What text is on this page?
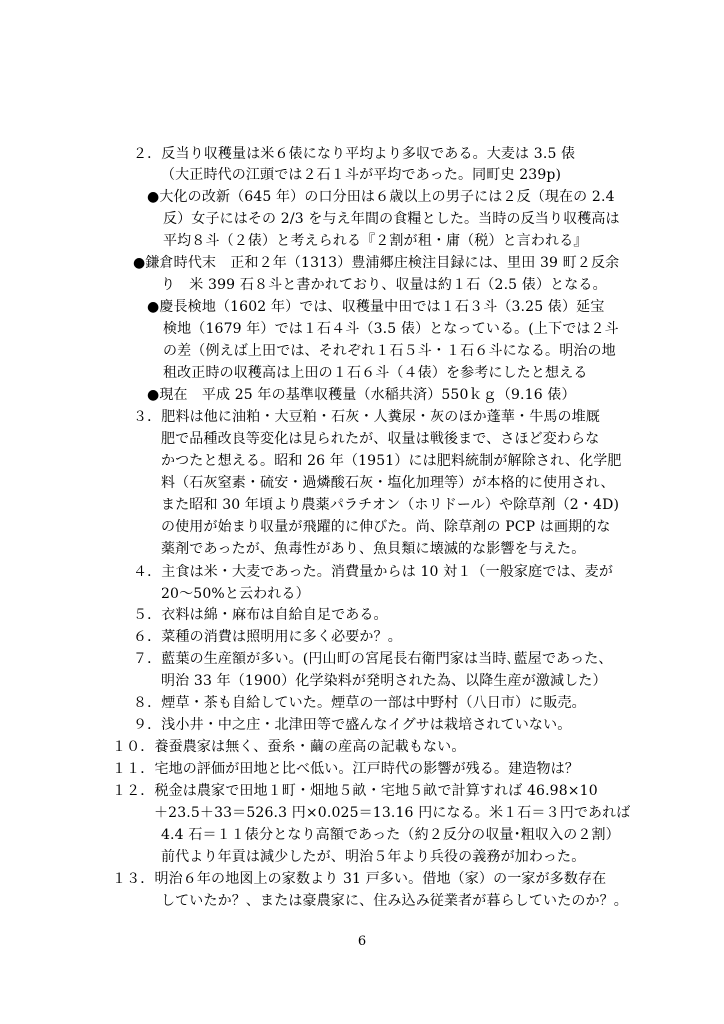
２．反当り収穫量は米６俵になり平均より多収である。大麦は 3.5 俵
（大正時代の江頭では２石１斗が平均であった。同町史 239p)
●大化の改新（645 年）の口分田は６歳以上の男子には２反（現在の 2.4
反）女子にはその 2/3 を与え年間の食糧とした。当時の反当り収穫高は
平均８斗（２俵）と考えられる『２割が租・庸（税）と言われる』
●鎌倉時代末　正和２年（1313）豊浦郷庄検注目録には、里田 39 町２反余
り　米 399 石８斗と書かれており、収量は約１石（2.5 俵）となる。
●慶長検地（1602 年）では、収穫量中田では１石３斗（3.25 俵）延宝
検地（1679 年）では１石４斗（3.5 俵）となっている。(上下では２斗
の差（例えば上田では、それぞれ１石５斗・１石６斗になる。明治の地
租改正時の収穫高は上田の１石６斗（４俵）を参考にしたと想える
●現在　平成 25 年の基準収穫量（水稲共済）550ｋｇ（9.16 俵）
３．肥料は他に油粕・大豆粕・石灰・人糞尿・灰のほか蓬華・牛馬の堆厩
肥で品種改良等変化は見られたが、収量は戦後まで、さほど変わらな
かつたと想える。昭和 26 年（1951）には肥料統制が解除され、化学肥
料（石灰窒素・硫安・過燐酸石灰・塩化加理等）が本格的に使用され、
また昭和 30 年頃より農薬パラチオン（ホリドール）や除草剤（2・4D)
の使用が始まり収量が飛躍的に伸びた。尚、除草剤の PCP は画期的な
薬剤であったが、魚毒性があり、魚貝類に壊滅的な影響を与えた。
４．主食は米・大麦であった。消費量からは 10 対１（一般家庭では、麦が
20～50%と云われる）
５．衣料は綿・麻布は自給自足である。
６．菜種の消費は照明用に多く必要か？。
７．藍葉の生産額が多い。(円山町の宮尾長右衛門家は当時､藍屋であった、
明治 33 年（1900）化学染料が発明された為、以降生産が激減した）
８．煙草・茶も自給していた。煙草の一部は中野村（八日市）に販売。
９．浅小井・中之庄・北津田等で盛んなイグサは栽培されていない。
１０．養蚕農家は無く、蚕糸・繭の産高の記載もない。
１１．宅地の評価が田地と比べ低い。江戸時代の影響が残る。建造物は？
１２．税金は農家で田地１町・畑地５畝・宅地５畝で計算すれば 46.98×10
＋23.5＋33＝526.3 円×0.025＝13.16 円になる。米１石＝３円であれば
4.4 石＝１１俵分となり高額であった（約２反分の収量･粗収入の２割）
前代より年貢は減少したが、明治５年より兵役の義務が加わった。
１３．明治６年の地図上の家数より 31 戸多い。借地（家）の一家が多数存在
していたか？、または豪農家に、住み込み従業者が暮らしていたのか？。
6
